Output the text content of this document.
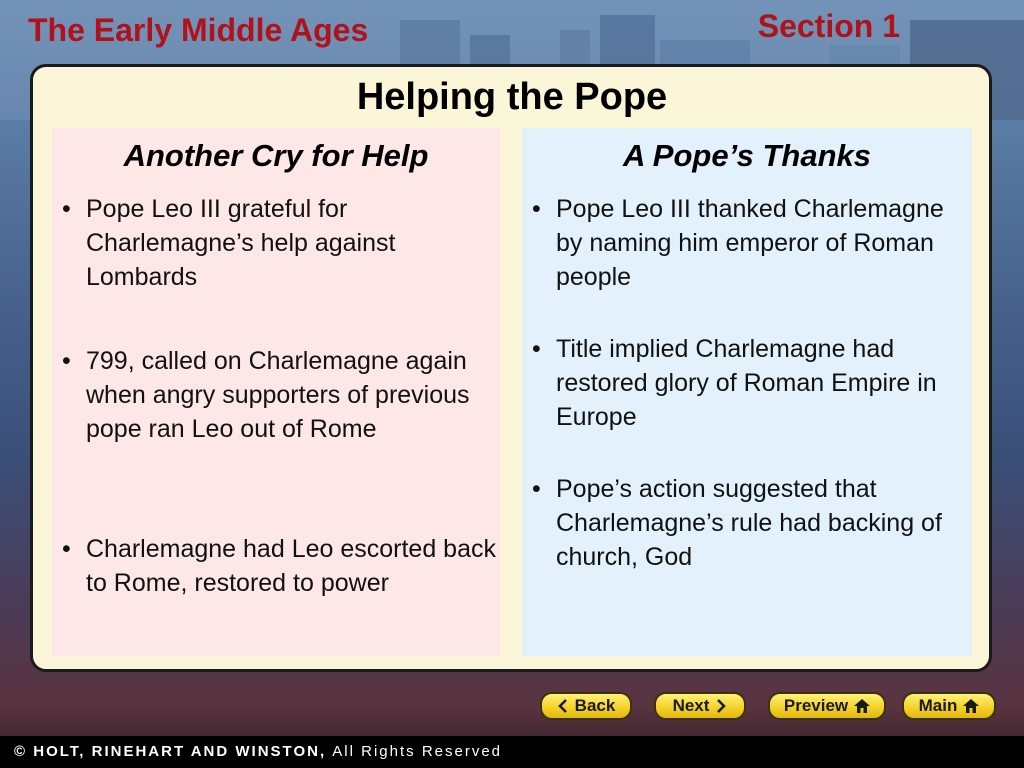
The Early Middle Ages	Section 1
Helping the Pope
Another Cry for Help
• Pope Leo III grateful for Charlemagne’s help against Lombards
• 799, called on Charlemagne again when angry supporters of previous pope ran Leo out of Rome
• Charlemagne had Leo escorted back to Rome, restored to power
A Pope’s Thanks
• Pope Leo III thanked Charlemagne by naming him emperor of Roman people
• Title implied Charlemagne had restored glory of Roman Empire in Europe
• Pope’s action suggested that Charlemagne’s rule had backing of church, God
Back	Next	Preview	Main
© HOLT, RINEHART AND WINSTON, All Rights Reserved
